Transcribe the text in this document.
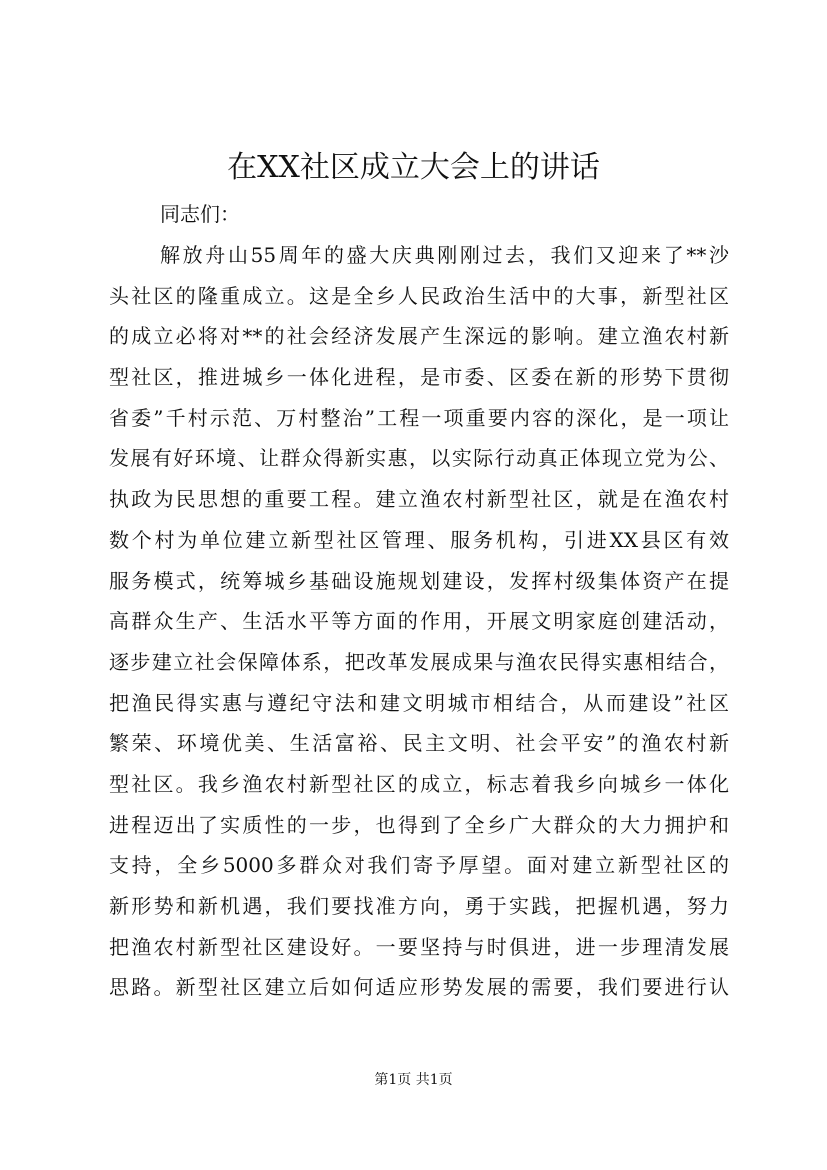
在XX社区成立大会上的讲话

同志们：

解放舟山55周年的盛大庆典刚刚过去，我们又迎来了**沙
头社区的隆重成立。这是全乡人民政治生活中的大事，新型社区
的成立必将对**的社会经济发展产生深远的影响。建立渔农村新
型社区，推进城乡一体化进程，是市委、区委在新的形势下贯彻
省委”千村示范、万村整治”工程一项重要内容的深化，是一项让
发展有好环境、让群众得新实惠，以实际行动真正体现立党为公、
执政为民思想的重要工程。建立渔农村新型社区，就是在渔农村
数个村为单位建立新型社区管理、服务机构，引进XX县区有效
服务模式，统筹城乡基础设施规划建设，发挥村级集体资产在提
高群众生产、生活水平等方面的作用，开展文明家庭创建活动，
逐步建立社会保障体系，把改革发展成果与渔农民得实惠相结合，
把渔民得实惠与遵纪守法和建文明城市相结合，从而建设”社区
繁荣、环境优美、生活富裕、民主文明、社会平安”的渔农村新
型社区。我乡渔农村新型社区的成立，标志着我乡向城乡一体化
进程迈出了实质性的一步，也得到了全乡广大群众的大力拥护和
支持，全乡5000多群众对我们寄予厚望。面对建立新型社区的
新形势和新机遇，我们要找准方向，勇于实践，把握机遇，努力
把渔农村新型社区建设好。一要坚持与时俱进，进一步理清发展
思路。新型社区建立后如何适应形势发展的需要，我们要进行认

第1页 共1页
